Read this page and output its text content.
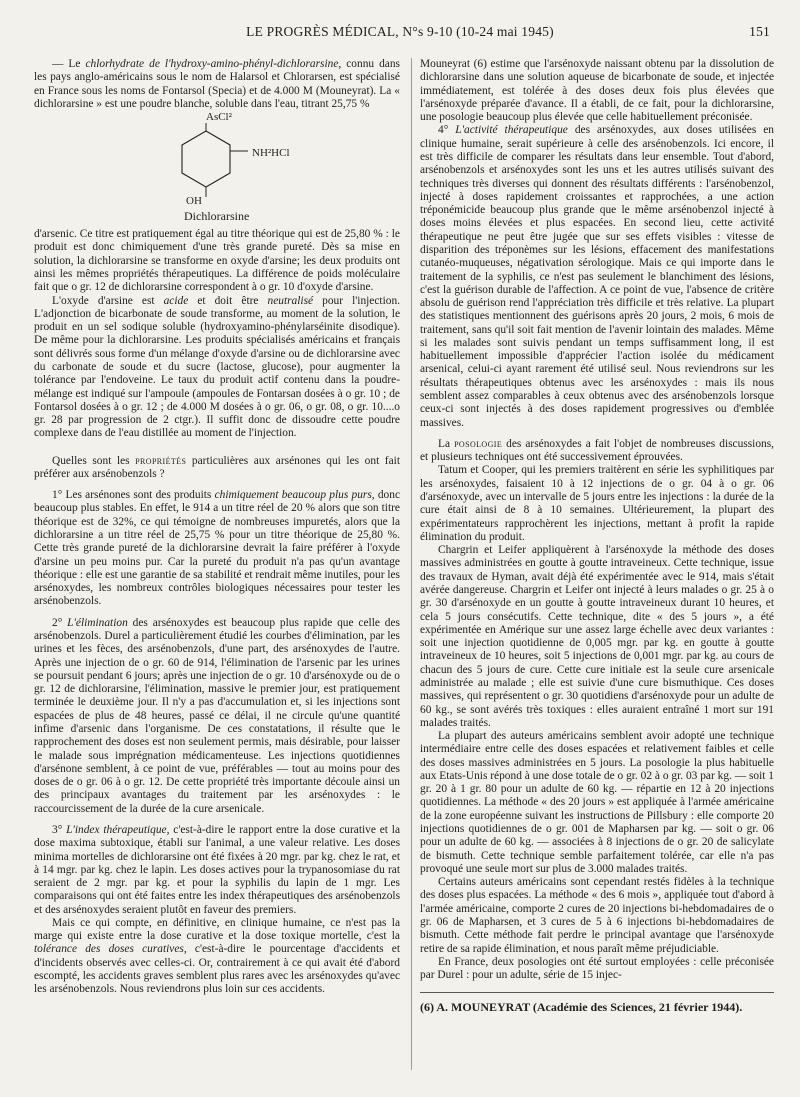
LE PROGRÈS MÉDICAL, N°s 9-10 (10-24 mai 1945)	151

— Le chlorhydrate de l'hydroxy-amino-phényl-dichlorarsine, connu dans les pays anglo-américains sous le nom de Halarsol et Chlorarsen, est spécialisé en France sous les noms de Fontarsol (Specia) et de 4.000 M (Mouneyrat). La « dichlorarsine » est une poudre blanche, soluble dans l'eau, titrant 25,75 %

AsCl²
NH²HCl
OH
Dichlorarsine

d'arsenic. Ce titre est pratiquement égal au titre théorique qui est de 25,80 % : le produit est donc chimiquement d'une très grande pureté. Dès sa mise en solution, la dichlorarsine se transforme en oxyde d'arsine; les deux produits ont ainsi les mêmes propriétés thérapeutiques. La différence de poids moléculaire fait que o gr. 12 de dichlorarsine correspondent à o gr. 10 d'oxyde d'arsine.

L'oxyde d'arsine est acide et doit être neutralisé pour l'injection. L'adjonction de bicarbonate de soude transforme, au moment de la solution, le produit en un sel sodique soluble (hydroxyamino-phénylarséinite disodique). De même pour la dichlorarsine. Les produits spécialisés américains et français sont délivrés sous forme d'un mélange d'oxyde d'arsine ou de dichlorarsine avec du carbonate de soude et du sucre (lactose, glucose), pour augmenter la tolérance par l'endoveine. Le taux du produit actif contenu dans la poudre-mélange est indiqué sur l'ampoule (ampoules de Fontarsan dosées à o gr. 10 ; de Fontarsol dosées à o gr. 12 ; de 4.000 M dosées à o gr. 06, o gr. 08, o gr. 10....o gr. 28 par progression de 2 ctgr.). Il suffit donc de dissoudre cette poudre complexe dans de l'eau distillée au moment de l'injection.

Quelles sont les propriétés particulières aux arsénones qui les ont fait préférer aux arsénobenzols ?

1° Les arsénones sont des produits chimiquement beaucoup plus purs, donc beaucoup plus stables. En effet, le 914 a un titre réel de 20 % alors que son titre théorique est de 32%, ce qui témoigne de nombreuses impuretés, alors que la dichlorarsine a un titre réel de 25,75 % pour un titre théorique de 25,80 %. Cette très grande pureté de la dichlorarsine devrait la faire préférer à l'oxyde d'arsine un peu moins pur. Car la pureté du produit n'a pas qu'un avantage théorique : elle est une garantie de sa stabilité et rendrait même inutiles, pour les arsénoxydes, les nombreux contrôles biologiques nécessaires pour tester les arsénobenzols.

2° L'élimination des arsénoxydes est beaucoup plus rapide que celle des arsénobenzols. Durel a particulièrement étudié les courbes d'élimination, par les urines et les fèces, des arsénobenzols, d'une part, des arsénoxydes de l'autre. Après une injection de o gr. 60 de 914, l'élimination de l'arsenic par les urines se poursuit pendant 6 jours; après une injection de o gr. 10 d'arsénoxyde ou de o gr. 12 de dichlorarsine, l'élimination, massive le premier jour, est pratiquement terminée le deuxième jour. Il n'y a pas d'accumulation et, si les injections sont espacées de plus de 48 heures, passé ce délai, il ne circule qu'une quantité infime d'arsenic dans l'organisme. De ces constatations, il résulte que le rapprochement des doses est non seulement permis, mais désirable, pour laisser le malade sous imprégnation médicamenteuse. Les injections quotidiennes d'arsénone semblent, à ce point de vue, préférables — tout au moins pour des doses de o gr. 06 à o gr. 12. De cette propriété très importante découle ainsi un des principaux avantages du traitement par les arsénoxydes : le raccourcissement de la durée de la cure arsenicale.

3° L'index thérapeutique, c'est-à-dire le rapport entre la dose curative et la dose maxima subtoxique, établi sur l'animal, a une valeur relative. Les doses minima mortelles de dichlorarsine ont été fixées à 20 mgr. par kg. chez le rat, et à 14 mgr. par kg. chez le lapin. Les doses actives pour la trypanosomiase du rat seraient de 2 mgr. par kg. et pour la syphilis du lapin de 1 mgr. Les comparaisons qui ont été faites entre les index thérapeutiques des arsénobenzols et des arsénoxydes seraient plutôt en faveur des premiers.

Mais ce qui compte, en définitive, en clinique humaine, ce n'est pas la marge qui existe entre la dose curative et la dose toxique mortelle, c'est la tolérance des doses curatives, c'est-à-dire le pourcentage d'accidents et d'incidents observés avec celles-ci. Or, contrairement à ce qui avait été d'abord escompté, les accidents graves semblent plus rares avec les arsénoxydes qu'avec les arsénobenzols. Nous reviendrons plus loin sur ces accidents.

Mouneyrat (6) estime que l'arsénoxyde naissant obtenu par la dissolution de dichlorarsine dans une solution aqueuse de bicarbonate de soude, et injectée immédiatement, est tolérée à des doses deux fois plus élevées que l'arsénoxyde préparée d'avance. Il a établi, de ce fait, pour la dichlorarsine, une posologie beaucoup plus élevée que celle habituellement préconisée.

4° L'activité thérapeutique des arsénoxydes, aux doses utilisées en clinique humaine, serait supérieure à celle des arsénobenzols. Ici encore, il est très difficile de comparer les résultats dans leur ensemble. Tout d'abord, arsénobenzols et arsénoxydes sont les uns et les autres utilisés suivant des techniques très diverses qui donnent des résultats différents : l'arsénobenzol, injecté à doses rapidement croissantes et rapprochées, a une action tréponémicide beaucoup plus grande que le même arsénobenzol injecté à doses moins élevées et plus espacées. En second lieu, cette activité thérapeutique ne peut être jugée que sur ses effets visibles : vitesse de disparition des tréponèmes sur les lésions, effacement des manifestations cutanéo-muqueuses, négativation sérologique. Mais ce qui importe dans le traitement de la syphilis, ce n'est pas seulement le blanchiment des lésions, c'est la guérison durable de l'affection. A ce point de vue, l'absence de critère absolu de guérison rend l'appréciation très difficile et très relative. La plupart des statistiques mentionnent des guérisons après 20 jours, 2 mois, 6 mois de traitement, sans qu'il soit fait mention de l'avenir lointain des malades. Même si les malades sont suivis pendant un temps suffisamment long, il est habituellement impossible d'apprécier l'action isolée du médicament arsenical, celui-ci ayant rarement été utilisé seul. Nous reviendrons sur les résultats thérapeutiques obtenus avec les arsénoxydes : mais ils nous semblent assez comparables à ceux obtenus avec des arsénobenzols lorsque ceux-ci sont injectés à des doses rapidement progressives ou d'emblée massives.

La posologie des arsénoxydes a fait l'objet de nombreuses discussions, et plusieurs techniques ont été successivement éprouvées.

Tatum et Cooper, qui les premiers traitèrent en série les syphilitiques par les arsénoxydes, faisaient 10 à 12 injections de o gr. 04 à o gr. 06 d'arsénoxyde, avec un intervalle de 5 jours entre les injections : la durée de la cure était ainsi de 8 à 10 semaines. Ultérieurement, la plupart des expérimentateurs rapprochèrent les injections, mettant à profit la rapide élimination du produit.

Chargrin et Leifer appliquèrent à l'arsénoxyde la méthode des doses massives administrées en goutte à goutte intraveineux. Cette technique, issue des travaux de Hyman, avait déjà été expérimentée avec le 914, mais s'était avérée dangereuse. Chargrin et Leifer ont injecté à leurs malades o gr. 25 à o gr. 30 d'arsénoxyde en un goutte à goutte intraveineux durant 10 heures, et cela 5 jours consécutifs. Cette technique, dite « des 5 jours », a été expérimentée en Amérique sur une assez large échelle avec deux variantes : soit une injection quotidienne de 0,005 mgr. par kg. en goutte à goutte intraveineux de 10 heures, soit 5 injections de 0,001 mgr. par kg. au cours de chacun des 5 jours de cure. Cette cure initiale est la seule cure arsenicale administrée au malade ; elle est suivie d'une cure bismuthique. Ces doses massives, qui représentent o gr. 30 quotidiens d'arsénoxyde pour un adulte de 60 kg., se sont avérés très toxiques : elles auraient entraîné 1 mort sur 191 malades traités.

La plupart des auteurs américains semblent avoir adopté une technique intermédiaire entre celle des doses espacées et relativement faibles et celle des doses massives administrées en 5 jours. La posologie la plus habituelle aux Etats-Unis répond à une dose totale de o gr. 02 à o gr. 03 par kg. — soit 1 gr. 20 à 1 gr. 80 pour un adulte de 60 kg. — répartie en 12 à 20 injections quotidiennes. La méthode « des 20 jours » est appliquée à l'armée américaine de la zone européenne suivant les instructions de Pillsbury : elle comporte 20 injections quotidiennes de o gr. 001 de Mapharsen par kg. — soit o gr. 06 pour un adulte de 60 kg. — associées à 8 injections de o gr. 20 de salicylate de bismuth. Cette technique semble parfaitement tolérée, car elle n'a pas provoqué une seule mort sur plus de 3.000 malades traités.

Certains auteurs américains sont cependant restés fidèles à la technique des doses plus espacées. La méthode « des 6 mois », appliquée tout d'abord à l'armée américaine, comporte 2 cures de 20 injections bi-hebdomadaires de o gr. 06 de Mapharsen, et 3 cures de 5 à 6 injections bi-hebdomadaires de bismuth. Cette méthode fait perdre le principal avantage que l'arsénoxyde retire de sa rapide élimination, et nous paraît même préjudiciable.

En France, deux posologies ont été surtout employées : celle préconisée par Durel : pour un adulte, série de 15 injec-

(6) A. MOUNEYRAT (Académie des Sciences, 21 février 1944).
